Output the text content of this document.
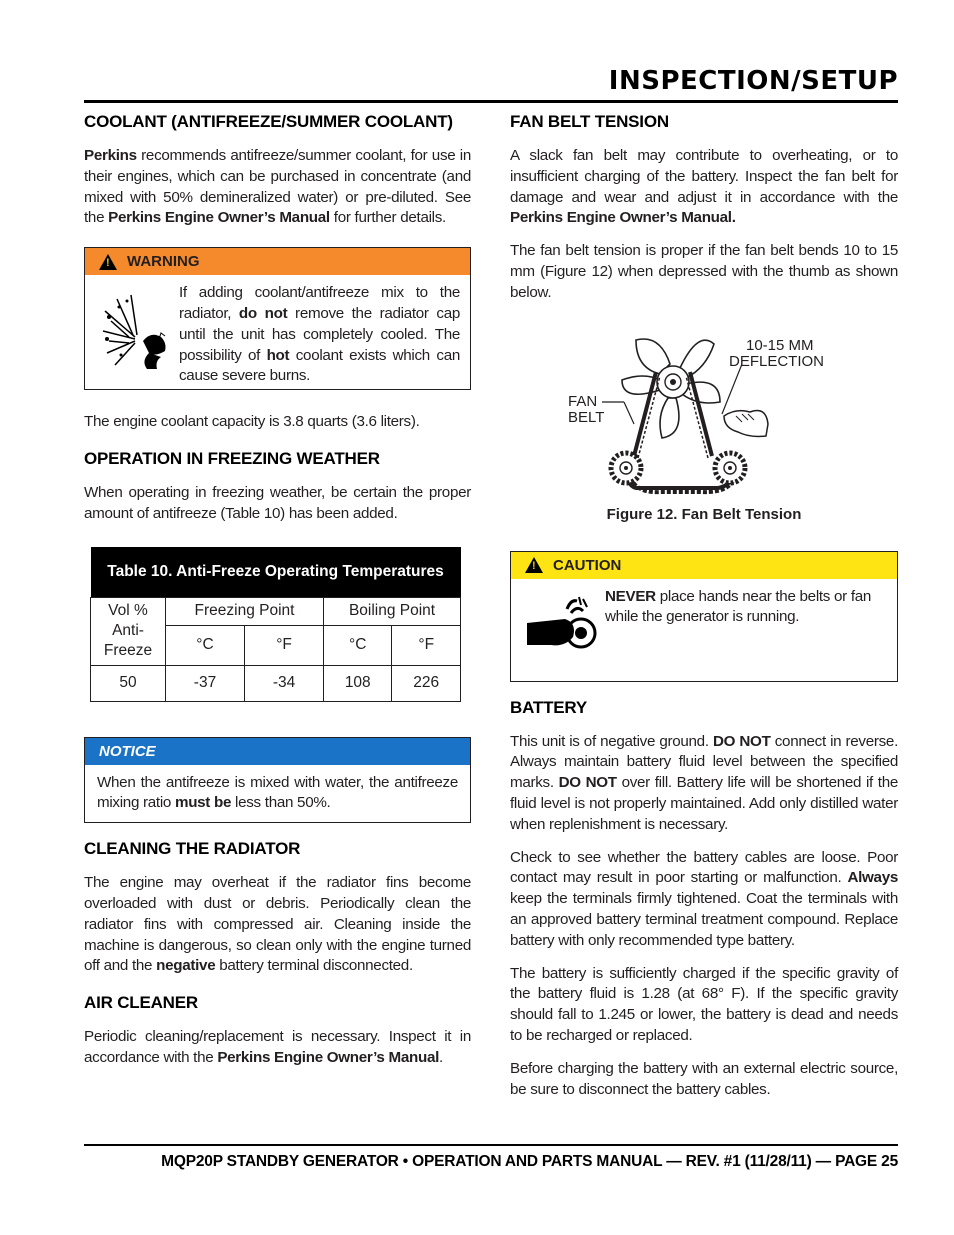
INSPECTION/SETUP
COOLANT (ANTIFREEZE/SUMMER COOLANT)

Perkins recommends antifreeze/summer coolant, for use in their engines, which can be purchased in concentrate (and mixed with 50% demineralized water) or pre-diluted. See the Perkins Engine Owner’s Manual for further details.

! WARNING

If adding coolant/antifreeze mix to the radiator, do not remove the radiator cap until the unit has completely cooled. The possibility of hot coolant exists which can cause severe burns.

The engine coolant capacity is 3.8 quarts (3.6 liters).

OPERATION IN FREEZING WEATHER

When operating in freezing weather, be certain the proper amount of antifreeze (Table 10) has been added.

Table 10. Anti-Freeze Operating Temperatures				
Vol % Anti-Freeze	Freezing Point		Boiling Point	
	°C	°F	°C	°F
50	-37	-34	108	226
NOTICE

When the antifreeze is mixed with water, the antifreeze mixing ratio must be less than 50%.

CLEANING THE RADIATOR

The engine may overheat if the radiator fins become overloaded with dust or debris. Periodically clean the radiator fins with compressed air. Cleaning inside the machine is dangerous, so clean only with the engine turned off and the negative battery terminal disconnected.

AIR CLEANER

Periodic cleaning/replacement is necessary. Inspect it in accordance with the Perkins Engine Owner’s Manual.

FAN BELT TENSION

A slack fan belt may contribute to overheating, or to insufficient charging of the battery. Inspect the fan belt for damage and wear and adjust it in accordance with the Perkins Engine Owner’s Manual.

The fan belt tension is proper if the fan belt bends 10 to 15 mm (Figure 12) when depressed with the thumb as shown below.

10-15 MM
DEFLECTION
FAN
BELT
Figure 12. Fan Belt Tension
! CAUTION

NEVER place hands near the belts or fan while the generator is running.

BATTERY

This unit is of negative ground. DO NOT connect in reverse. Always maintain battery fluid level between the specified marks. DO NOT over fill. Battery life will be shortened if the fluid level is not properly maintained. Add only distilled water when replenishment is necessary.

Check to see whether the battery cables are loose. Poor contact may result in poor starting or malfunction. Always keep the terminals firmly tightened. Coat the terminals with an approved battery terminal treatment compound. Replace battery with only recommended type battery.

The battery is sufficiently charged if the specific gravity of the battery fluid is 1.28 (at 68° F). If the specific gravity should fall to 1.245 or lower, the battery is dead and needs to be recharged or replaced.

Before charging the battery with an external electric source, be sure to disconnect the battery cables.

MQP20P STANDBY GENERATOR • OPERATION AND PARTS MANUAL — REV. #1 (11/28/11) — PAGE 25
